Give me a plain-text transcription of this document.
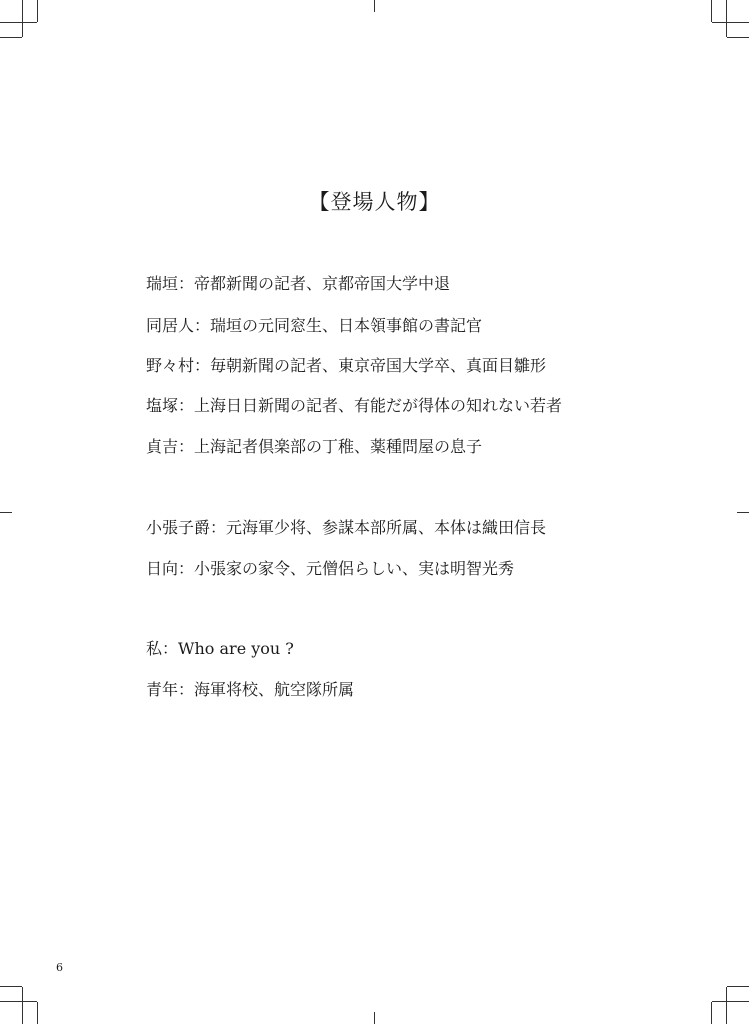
【登場人物】
瑞垣：帝都新聞の記者、京都帝国大学中退
同居人：瑞垣の元同窓生、日本領事館の書記官
野々村：毎朝新聞の記者、東京帝国大学卒、真面目雛形
塩塚：上海日日新聞の記者、有能だが得体の知れない若者
貞吉：上海記者倶楽部の丁稚、薬種問屋の息子
小張子爵：元海軍少将、参謀本部所属、本体は織田信長
日向：小張家の家令、元僧侶らしい、実は明智光秀
私：Who are you ?
青年：海軍将校、航空隊所属
6
